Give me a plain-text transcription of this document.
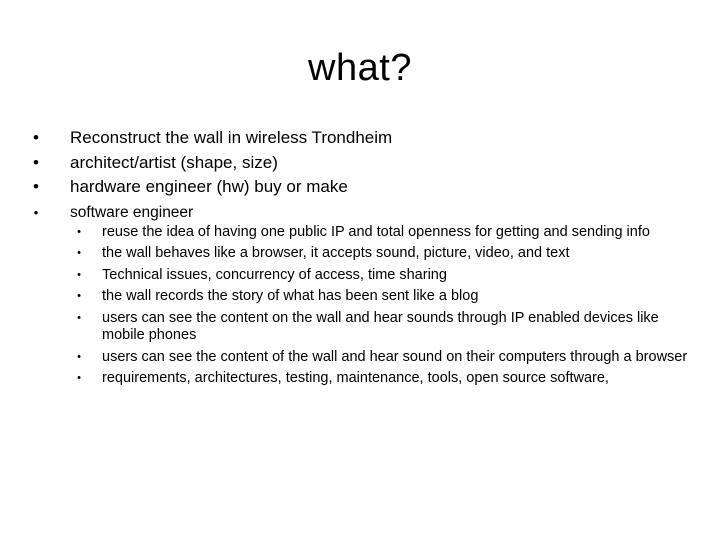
what?
• Reconstruct the wall in wireless Trondheim
• architect/artist (shape, size)
• hardware engineer (hw) buy or make
• software engineer
• reuse the idea of having one public IP and total openness for getting and sending info
• the wall behaves like a browser, it accepts sound, picture, video, and text
• Technical issues, concurrency of access, time sharing
• the wall records the story of what has been sent like a blog
• users can see the content on the wall and hear sounds through IP enabled devices like mobile phones
• users can see the content of the wall and hear sound on their computers through a browser
• requirements, architectures, testing, maintenance, tools, open source software,
